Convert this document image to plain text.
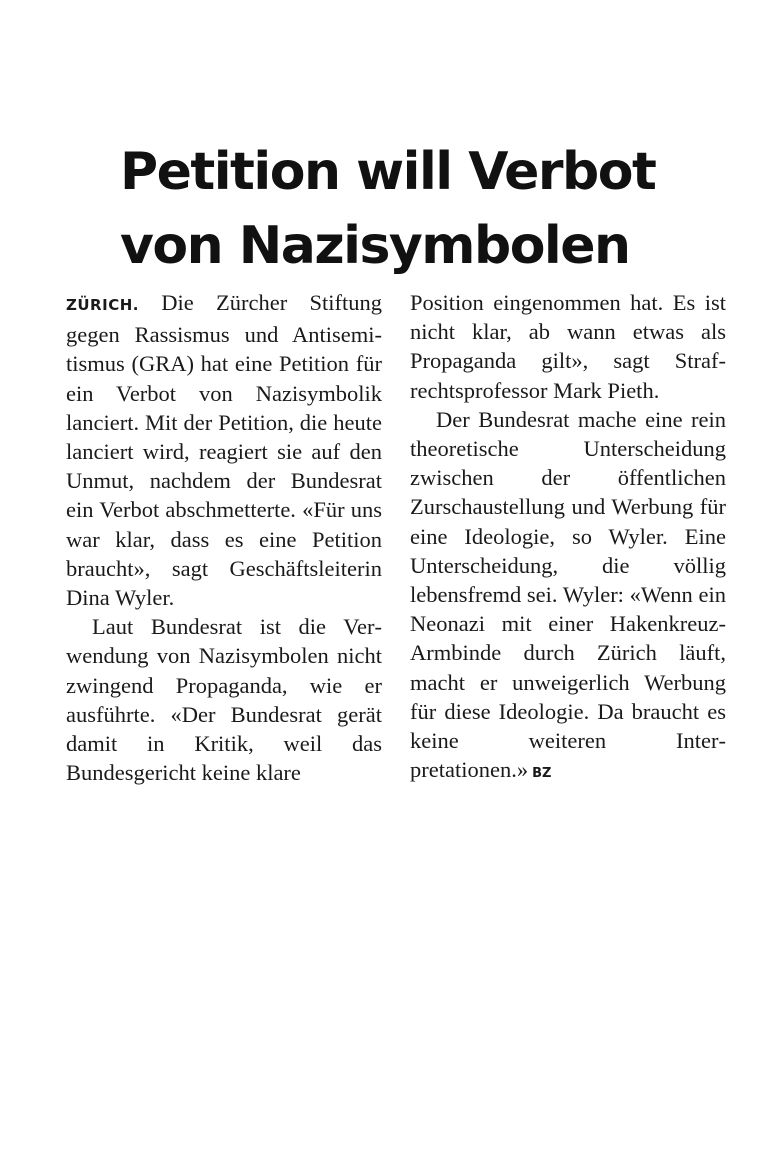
Petition will Verbot
von Nazisymbolen

ZÜRICH. Die Zürcher Stiftung gegen Rassismus und Antisemitismus (GRA) hat eine Petition für ein Verbot von Nazisymbolik lanciert. Mit der Petition, die heute lanciert wird, reagiert sie auf den Unmut, nachdem der Bundesrat ein Verbot abschmetterte. «Für uns war klar, dass es eine Petition braucht», sagt Geschäftsleiterin Dina Wyler.

Laut Bundesrat ist die Verwendung von Nazisymbolen nicht zwingend Propaganda, wie er ausführte. «Der Bundesrat gerät damit in Kritik, weil das Bundesgericht keine klare

Position eingenommen hat. Es ist nicht klar, ab wann etwas als Propaganda gilt», sagt Strafrechtsprofessor Mark Pieth.

Der Bundesrat mache eine rein theoretische Unterscheidung zwischen der öffentlichen Zurschaustellung und Werbung für eine Ideologie, so Wyler. Eine Unterscheidung, die völlig lebensfremd sei. Wyler: «Wenn ein Neonazi mit einer Hakenkreuz-Armbinde durch Zürich läuft, macht er unweigerlich Werbung für diese Ideologie. Da braucht es keine weiteren Interpretationen.» BZ
